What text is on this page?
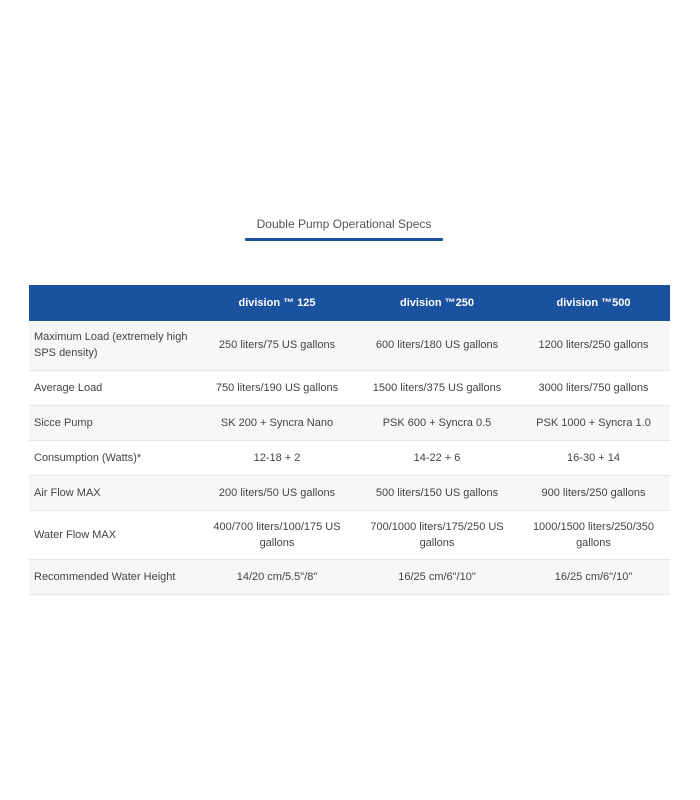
Double Pump Operational Specs
	division ™ 125	division ™250	division ™500
Maximum Load (extremely high SPS density)	250 liters/75 US gallons	600 liters/180 US gallons	1200 liters/250 gallons
Average Load	750 liters/190 US gallons	1500 liters/375 US gallons	3000 liters/750 gallons
Sicce Pump	SK 200 + Syncra Nano	PSK 600 + Syncra 0.5	PSK 1000 + Syncra 1.0
Consumption (Watts)*	12-18 + 2	14-22 + 6	16-30 + 14
Air Flow MAX	200 liters/50 US gallons	500 liters/150 US gallons	900 liters/250 gallons
Water Flow MAX	400/700 liters/100/175 US gallons	700/1000 liters/175/250 US gallons	1000/1500 liters/250/350 gallons
Recommended Water Height	14/20 cm/5.5"/8"	16/25 cm/6"/10"	16/25 cm/6"/10"
